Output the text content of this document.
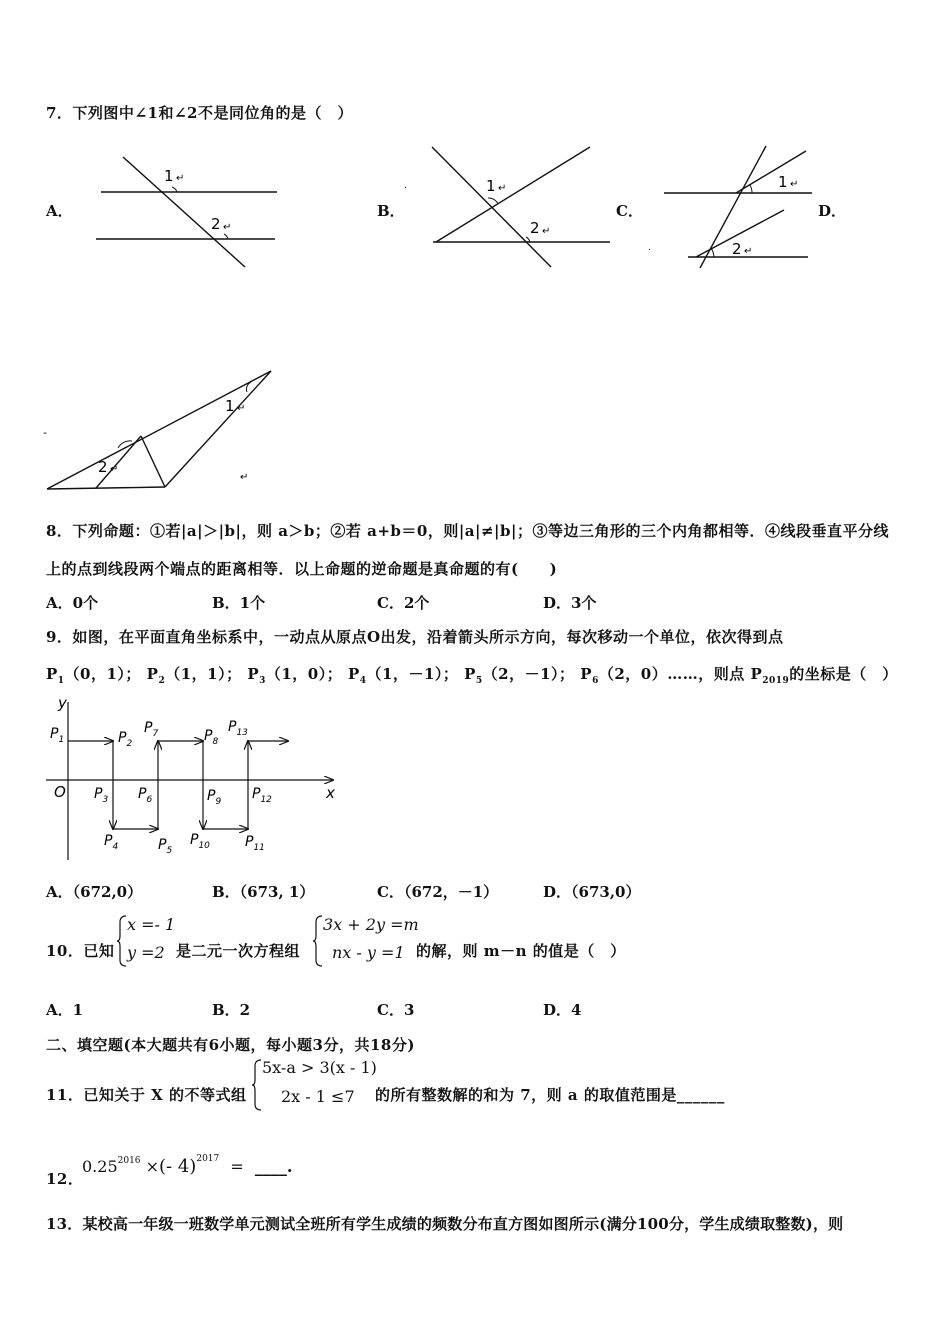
7．下列图中∠1和∠2不是同位角的是（　）
A．	B．	C．	D．
1 ↵
2 ↵
.	1 ↵
2 ↵
.
1 ↵
2 ↵
-
1 ↵
2 ↵
↵
8．下列命题：①若|a|＞|b|，则 a＞b；②若 a+b＝0，则|a|≠|b|；③等边三角形的三个内角都相等．④线段垂直平分线
上的点到线段两个端点的距离相等．以上命题的逆命题是真命题的有(　　)
A．0个	B．1个	C．2个	D．3个
9．如图，在平面直角坐标系中，一动点从原点O出发，沿着箭头所示方向，每次移动一个单位，依次得到点
$P_1(0$，1）； $P_2(1$，1）； $P_3(1$，0）； $P_4(1$，－1）； $P_5(2$，－1）； $P_6(2$，0）……，则点 $P_{2019}$的坐标是（　）
y
x
O
$P_1$	$P_2$
$P_3$
$P_4$	$P_5$
$P_6$
$P_7$	$P_8$
$P_9$
$P_{10}$	$P_{11}$
$P_{12}$
$P_{13}$
A．（672,0）	B．（673, 1）	C．（672，－1）	D．（673,0）
10．已知
x =- 1
y =2 是二元一次方程组
3x + 2y =m
nx - y =1 的解，则 m－n 的值是（　）
A．1	B．2	C．3	D．4
二、填空题(本大题共有6小题，每小题3分，共18分)
11．已知关于 X 的不等式组
5x-a > 3(x - 1)
2x - 1 ≤7 的所有整数解的和为 7，则 a 的取值范围是______
12．
$0.25^{2016}$ ×(- 4)$^{2017}$ = ____.
13．某校高一年级一班数学单元测试全班所有学生成绩的频数分布直方图如图所示(满分100分，学生成绩取整数)，则
